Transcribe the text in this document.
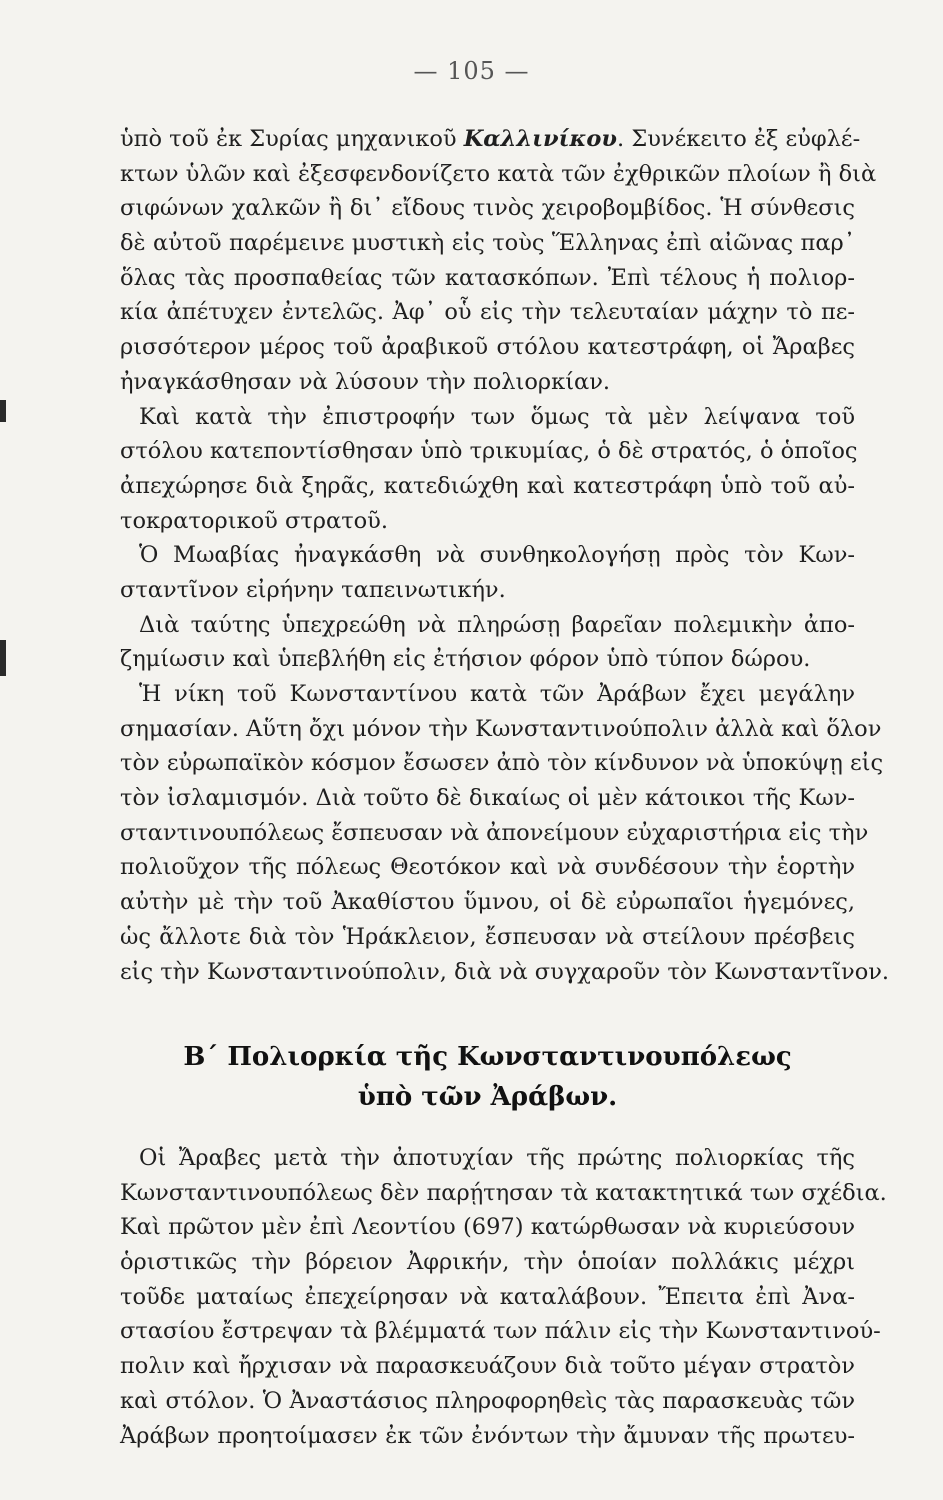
— 105 —
ὑπὸ τοῦ ἐκ Συρίας μηχανικοῦ Καλλινίκου. Συνέκειτο ἐξ εὐφλέ-
κτων ὑλῶν καὶ ἐξεσφενδονίζετο κατὰ τῶν ἐχθρικῶν πλοίων ἢ διὰ
σιφώνων χαλκῶν ἢ δι᾽ εἴδους τινὸς χειροβομβίδος. Ἡ σύνθεσις
δὲ αὐτοῦ παρέμεινε μυστικὴ εἰς τοὺς Ἕλληνας ἐπὶ αἰῶνας παρ᾽
ὅλας τὰς προσπαθείας τῶν κατασκόπων. Ἐπὶ τέλους ἡ πολιορ-
κία ἀπέτυχεν ἐντελῶς. Ἀφ᾽ οὗ εἰς τὴν τελευταίαν μάχην τὸ πε-
ρισσότερον μέρος τοῦ ἀραβικοῦ στόλου κατεστράφη, οἱ Ἄραβες
ἠναγκάσθησαν νὰ λύσουν τὴν πολιορκίαν.
Καὶ κατὰ τὴν ἐπιστροφήν των ὅμως τὰ μὲν λείψανα τοῦ
στόλου κατεποντίσθησαν ὑπὸ τρικυμίας, ὁ δὲ στρατός, ὁ ὁποῖος
ἀπεχώρησε διὰ ξηρᾶς, κατεδιώχθη καὶ κατεστράφη ὑπὸ τοῦ αὐ-
τοκρατορικοῦ στρατοῦ.
Ὁ Μωαβίας ἠναγκάσθη νὰ συνθηκολογήσῃ πρὸς τὸν Κων-
σταντῖνον εἰρήνην ταπεινωτικήν.
Διὰ ταύτης ὑπεχρεώθη νὰ πληρώσῃ βαρεῖαν πολεμικὴν ἀπο-
ζημίωσιν καὶ ὑπεβλήθη εἰς ἐτήσιον φόρον ὑπὸ τύπον δώρου.
Ἡ νίκη τοῦ Κωνσταντίνου κατὰ τῶν Ἀράβων ἔχει μεγάλην
σημασίαν. Αὕτη ὄχι μόνον τὴν Κωνσταντινούπολιν ἀλλὰ καὶ ὅλον
τὸν εὐρωπαϊκὸν κόσμον ἔσωσεν ἀπὸ τὸν κίνδυνον νὰ ὑποκύψῃ εἰς
τὸν ἰσλαμισμόν. Διὰ τοῦτο δὲ δικαίως οἱ μὲν κάτοικοι τῆς Κων-
σταντινουπόλεως ἔσπευσαν νὰ ἀπονείμουν εὐχαριστήρια εἰς τὴν
πολιοῦχον τῆς πόλεως Θεοτόκον καὶ νὰ συνδέσουν τὴν ἑορτὴν
αὐτὴν μὲ τὴν τοῦ Ἀκαθίστου ὕμνου, οἱ δὲ εὐρωπαῖοι ἡγεμόνες,
ὡς ἄλλοτε διὰ τὸν Ἡράκλειον, ἔσπευσαν νὰ στείλουν πρέσβεις
εἰς τὴν Κωνσταντινούπολιν, διὰ νὰ συγχαροῦν τὸν Κωνσταντῖνον.
Β΄ Πολιορκία τῆς Κωνσταντινουπόλεως
ὑπὸ τῶν Ἀράβων.
Οἱ Ἄραβες μετὰ τὴν ἀποτυχίαν τῆς πρώτης πολιορκίας τῆς
Κωνσταντινουπόλεως δὲν παρῄτησαν τὰ κατακτητικά των σχέδια.
Καὶ πρῶτον μὲν ἐπὶ Λεοντίου (697) κατώρθωσαν νὰ κυριεύσουν
ὁριστικῶς τὴν βόρειον Ἀφρικήν, τὴν ὁποίαν πολλάκις μέχρι
τοῦδε ματαίως ἐπεχείρησαν νὰ καταλάβουν. Ἔπειτα ἐπὶ Ἀνα-
στασίου ἔστρεψαν τὰ βλέμματά των πάλιν εἰς τὴν Κωνσταντινού-
πολιν καὶ ἤρχισαν νὰ παρασκευάζουν διὰ τοῦτο μέγαν στρατὸν
καὶ στόλον. Ὁ Ἀναστάσιος πληροφορηθεὶς τὰς παρασκευὰς τῶν
Ἀράβων προητοίμασεν ἐκ τῶν ἐνόντων τὴν ἄμυναν τῆς πρωτευ-
